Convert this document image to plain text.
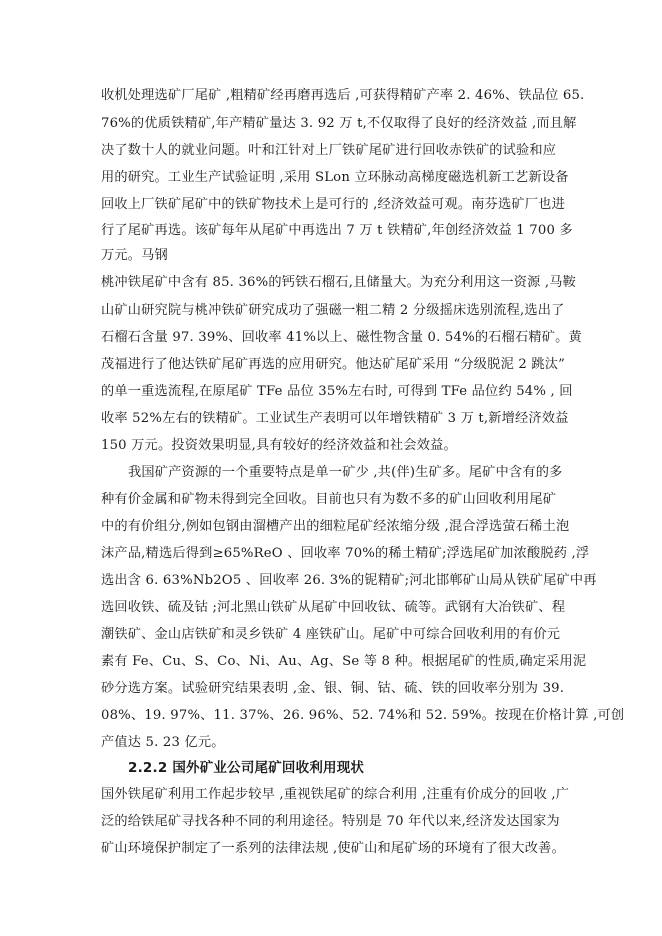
收机处理选矿厂尾矿 ,粗精矿经再磨再选后 ,可获得精矿产率 2. 46%、铁品位 65.
76%的优质铁精矿,年产精矿量达 3. 92 万 t,不仅取得了良好的经济效益 ,而且解
决了数十人的就业问题。叶和江针对上厂铁矿尾矿进行回收赤铁矿的试验和应
用的研究。工业生产试验证明 ,采用 SLon 立环脉动高梯度磁选机新工艺新设备
回收上厂铁矿尾矿中的铁矿物技术上是可行的 ,经济效益可观。南芬选矿厂也进
行了尾矿再选。该矿每年从尾矿中再选出 7 万 t 铁精矿,年创经济效益 1 700 多
万元。马钢
桃冲铁尾矿中含有 85. 36%的钙铁石榴石,且储量大。为充分利用这一资源 ,马鞍
山矿山研究院与桃冲铁矿研究成功了强磁一粗二精 2 分级摇床选别流程,选出了
石榴石含量 97. 39%、回收率 41%以上、磁性物含量 0. 54%的石榴石精矿。黄
茂福进行了他达铁矿尾矿再选的应用研究。他达矿尾矿采用 “分级脱泥 2 跳汰”
的单一重选流程,在原尾矿 TFe 品位 35%左右时, 可得到 TFe 品位约 54% , 回
收率 52%左右的铁精矿。工业试生产表明可以年增铁精矿 3 万 t,新增经济效益
150 万元。投资效果明显,具有较好的经济效益和社会效益。
我国矿产资源的一个重要特点是单一矿少 ,共(伴)生矿多。尾矿中含有的多
种有价金属和矿物未得到完全回收。目前也只有为数不多的矿山回收利用尾矿
中的有价组分,例如包钢由溜槽产出的细粒尾矿经浓缩分级 ,混合浮选萤石稀土泡
沫产品,精选后得到≥65%ReO 、回收率 70%的稀土精矿;浮选尾矿加浓酸脱药 ,浮
选出含 6. 63%Nb2O5 、回收率 26. 3%的铌精矿;河北邯郸矿山局从铁矿尾矿中再
选回收铁、硫及钴 ;河北黑山铁矿从尾矿中回收钛、硫等。武钢有大冶铁矿、程
潮铁矿、金山店铁矿和灵乡铁矿 4 座铁矿山。尾矿中可综合回收利用的有价元
素有 Fe、Cu、S、Co、Ni、Au、Ag、Se 等 8 种。根据尾矿的性质,确定采用泥
砂分选方案。试验研究结果表明 ,金、银、铜、钴、硫、铁的回收率分别为 39.
08%、19. 97%、11. 37%、26. 96%、52. 74%和 52. 59%。按现在价格计算 ,可创
产值达 5. 23 亿元。
2.2.2 国外矿业公司尾矿回收利用现状
国外铁尾矿利用工作起步较早 ,重视铁尾矿的综合利用 ,注重有价成分的回收 ,广
泛的给铁尾矿寻找各种不同的利用途径。特别是 70 年代以来,经济发达国家为
矿山环境保护制定了一系列的法律法规 ,使矿山和尾矿场的环境有了很大改善。
